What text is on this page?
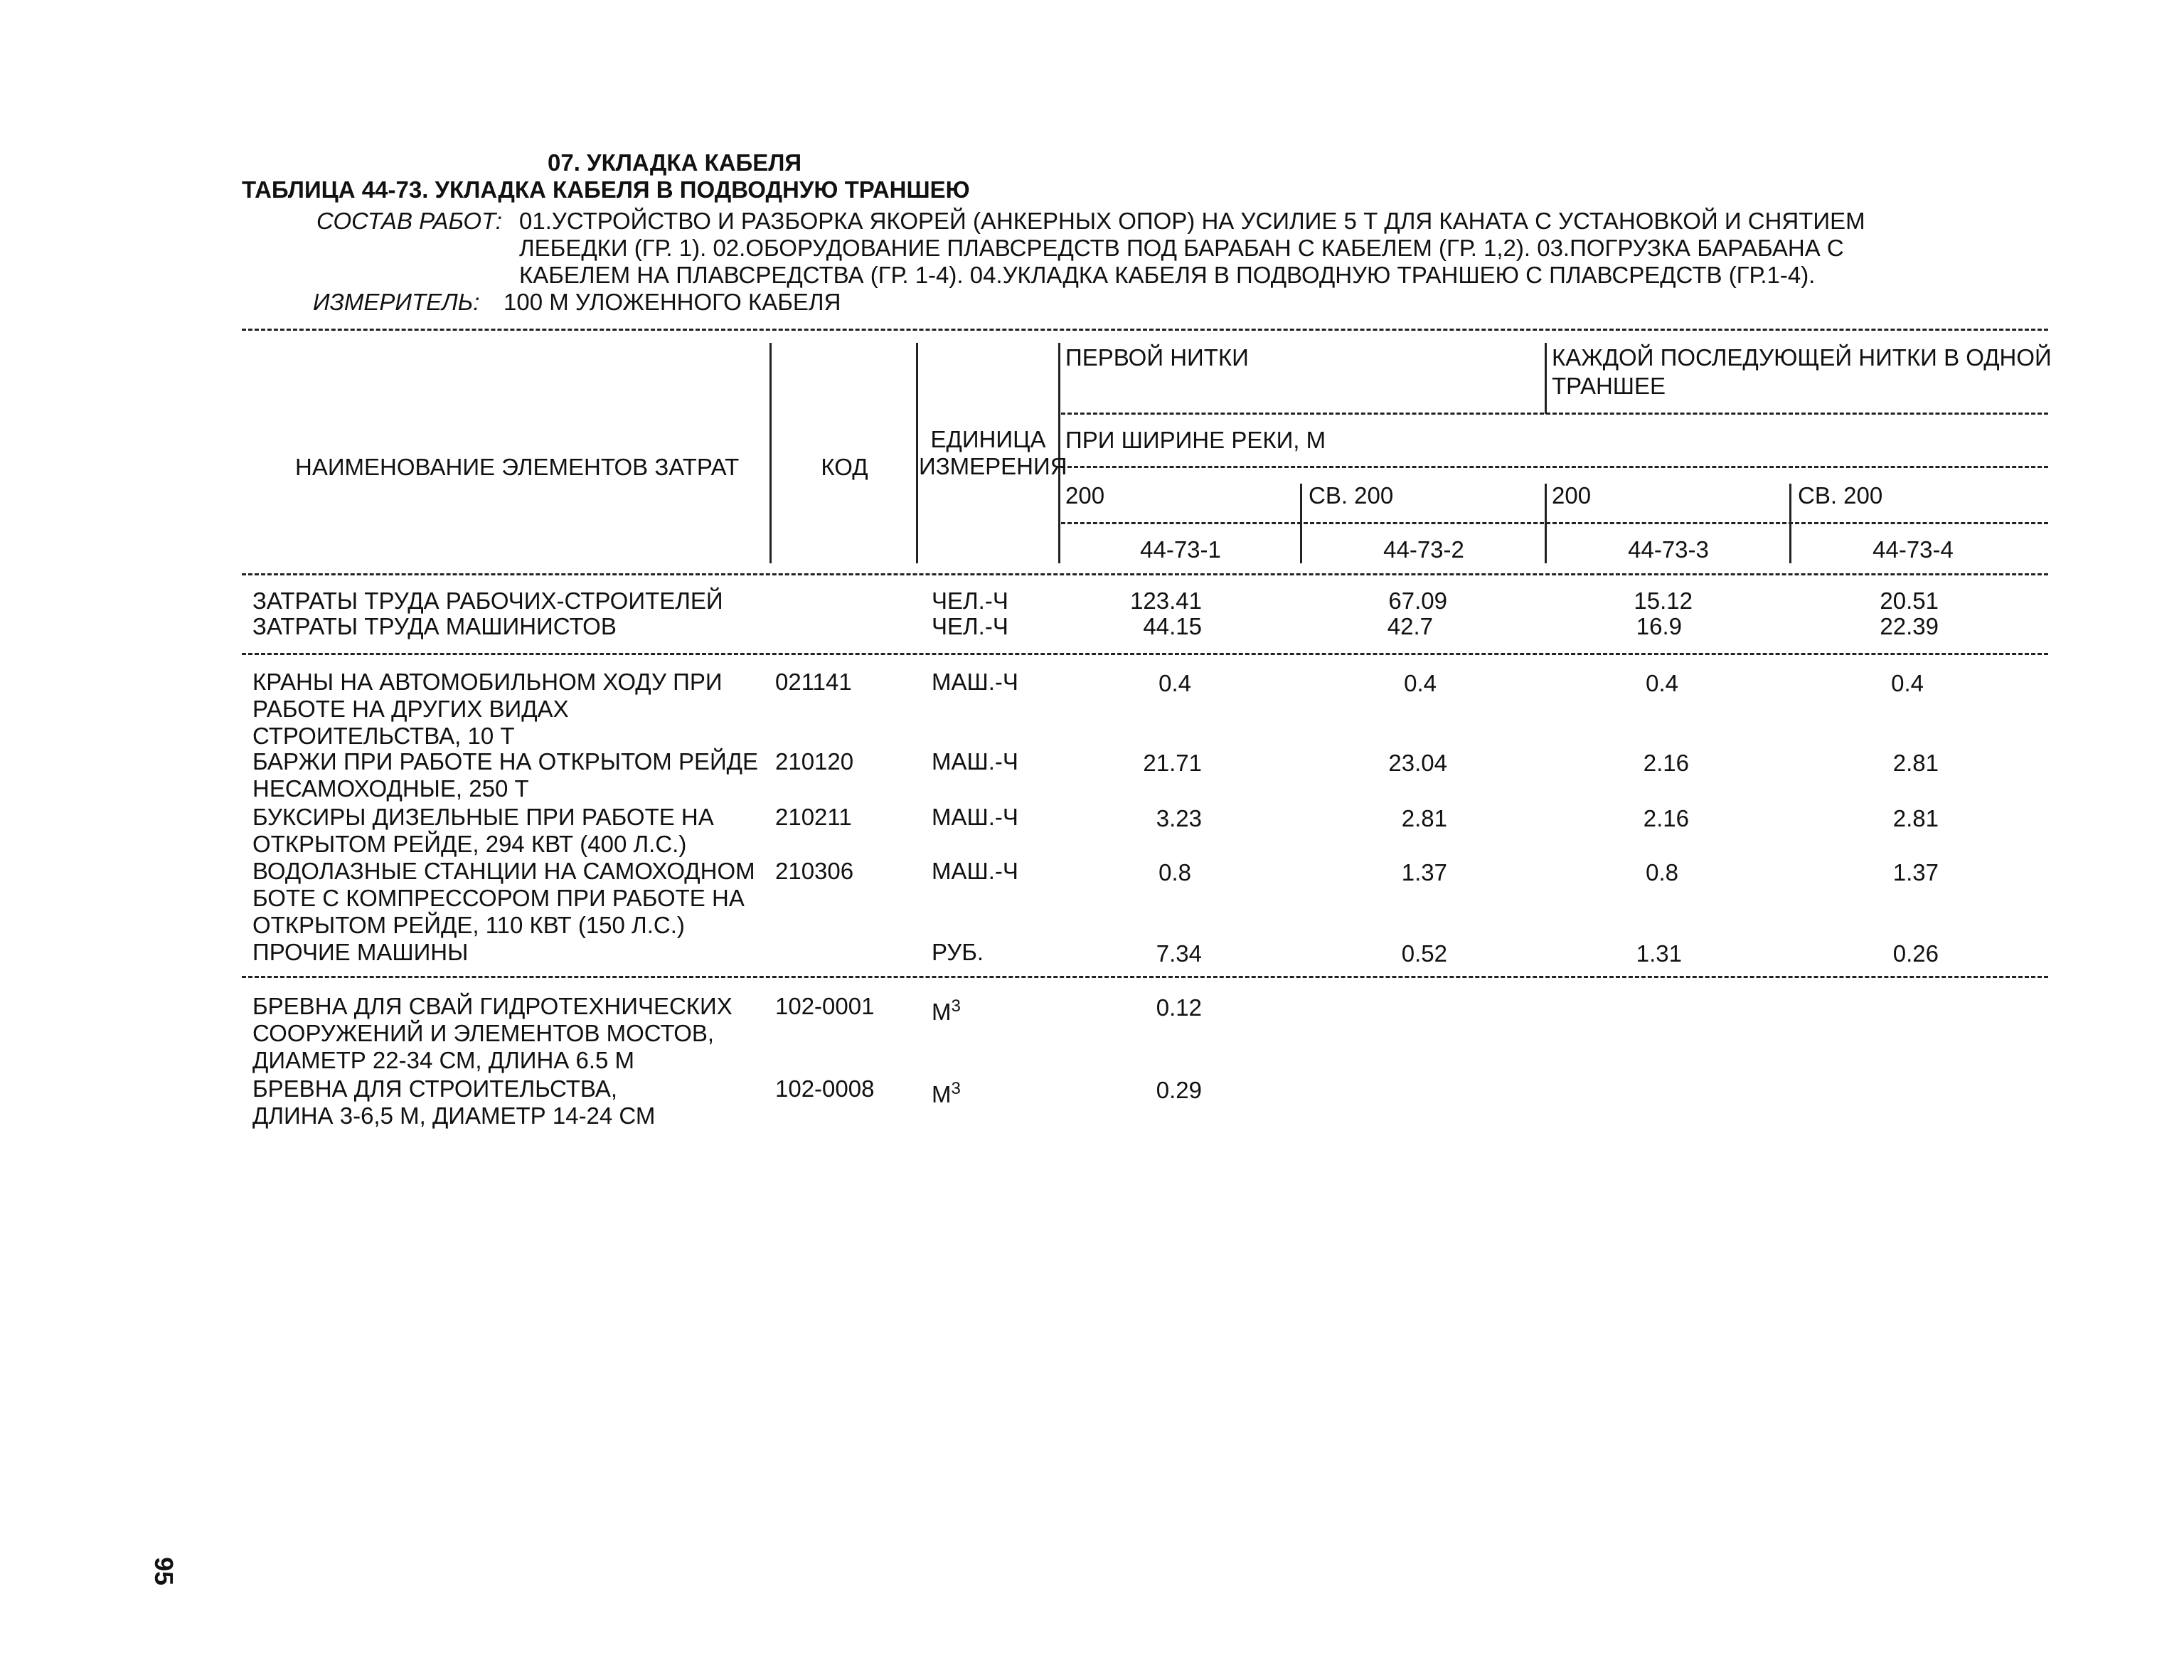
07. УКЛАДКА КАБЕЛЯ
ТАБЛИЦА 44-73. УКЛАДКА КАБЕЛЯ В ПОДВОДНУЮ ТРАНШЕЮ
СОСТАВ РАБОТ: 01.УСТРОЙСТВО И РАЗБОРКА ЯКОРЕЙ (АНКЕРНЫХ ОПОР) НА УСИЛИЕ 5 Т ДЛЯ КАНАТА С УСТАНОВКОЙ И СНЯТИЕМ
ЛЕБЕДКИ (ГР. 1). 02.ОБОРУДОВАНИЕ ПЛАВСРЕДСТВ ПОД БАРАБАН С КАБЕЛЕМ (ГР. 1,2). 03.ПОГРУЗКА БАРАБАНА С
КАБЕЛЕМ НА ПЛАВСРЕДСТВА (ГР. 1-4). 04.УКЛАДКА КАБЕЛЯ В ПОДВОДНУЮ ТРАНШЕЮ С ПЛАВСРЕДСТВ (ГР.1-4).
ИЗМЕРИТЕЛЬ: 100 М УЛОЖЕННОГО КАБЕЛЯ
НАИМЕНОВАНИЕ ЭЛЕМЕНТОВ ЗАТРАТ	КОД
ЕДИНИЦА
ИЗМЕРЕНИЯ
ПЕРВОЙ НИТКИ	КАЖДОЙ ПОСЛЕДУЮЩЕЙ НИТКИ В ОДНОЙ
ТРАНШЕЕ
ПРИ ШИРИНЕ РЕКИ, М
200	СВ. 200	200	СВ. 200
44-73-1	44-73-2	44-73-3	44-73-4
ЗАТРАТЫ ТРУДА РАБОЧИХ-СТРОИТЕЛЕЙ	ЧЕЛ.-Ч	123.41	67.09	15.12	20.51
ЗАТРАТЫ ТРУДА МАШИНИСТОВ	ЧЕЛ.-Ч	44.15	42.7	16.9	22.39
КРАНЫ НА АВТОМОБИЛЬНОМ ХОДУ ПРИ
РАБОТЕ НА ДРУГИХ ВИДАХ
СТРОИТЕЛЬСТВА, 10 Т
021141	МАШ.-Ч	0.4	0.4	0.4	0.4
БАРЖИ ПРИ РАБОТЕ НА ОТКРЫТОМ РЕЙДЕ
НЕСАМОХОДНЫЕ, 250 Т
210120	МАШ.-Ч	21.71	23.04	2.16	2.81
БУКСИРЫ ДИЗЕЛЬНЫЕ ПРИ РАБОТЕ НА
ОТКРЫТОМ РЕЙДЕ, 294 КВТ (400 Л.С.)
210211	МАШ.-Ч	3.23	2.81	2.16	2.81
ВОДОЛАЗНЫЕ СТАНЦИИ НА САМОХОДНОМ
БОТЕ С КОМПРЕССОРОМ ПРИ РАБОТЕ НА
ОТКРЫТОМ РЕЙДЕ, 110 КВТ (150 Л.С.)
210306	МАШ.-Ч	0.8	1.37	0.8	1.37
ПРОЧИЕ МАШИНЫ	РУБ.	7.34	0.52	1.31	0.26
БРЕВНА ДЛЯ СВАЙ ГИДРОТЕХНИЧЕСКИХ
СООРУЖЕНИЙ И ЭЛЕМЕНТОВ МОСТОВ,
ДИАМЕТР 22-34 СМ, ДЛИНА 6.5 М
102-0001 $М^3$	0.12
БРЕВНА ДЛЯ СТРОИТЕЛЬСТВА,
ДЛИНА 3-6,5 М, ДИАМЕТР 14-24 СМ
102-0008 $М^3$	0.29
95
